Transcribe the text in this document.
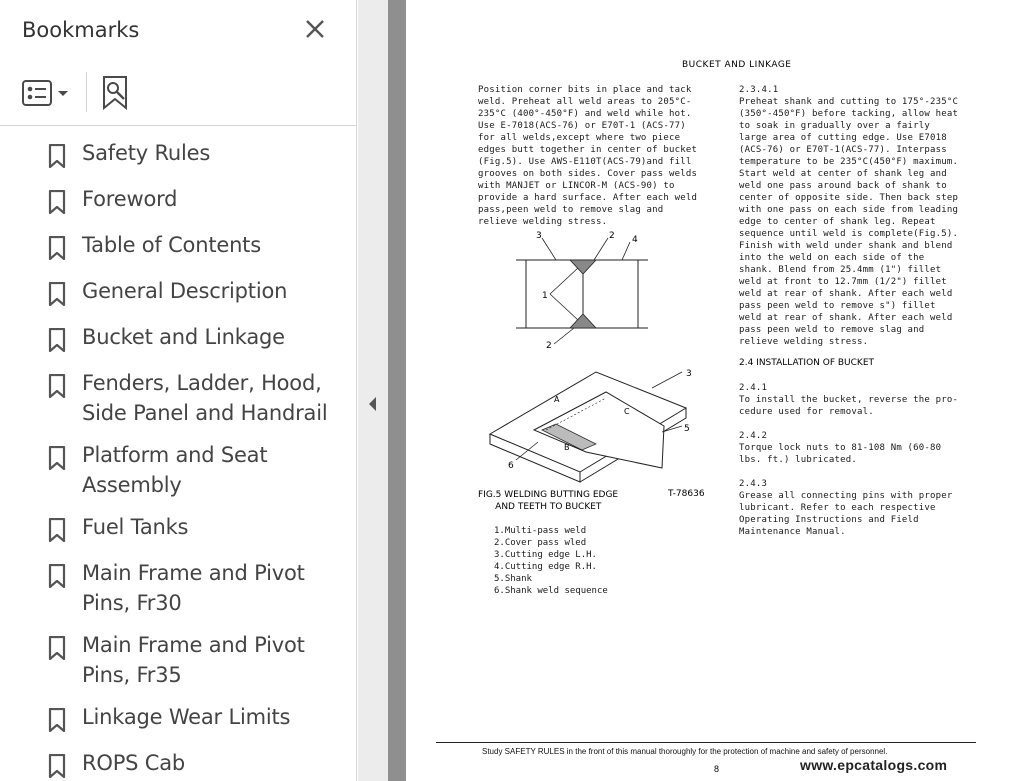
Bookmarks
Safety Rules
Foreword
Table of Contents
General Description
Bucket and Linkage
Fenders, Ladder, Hood, Side Panel and Handrail
Platform and Seat Assembly
Fuel Tanks
Main Frame and Pivot Pins, Fr30
Main Frame and Pivot Pins, Fr35
Linkage Wear Limits
ROPS Cab
BUCKET AND LINKAGE
Position corner bits in place and tack
weld. Preheat all weld areas to 205°C-
235°C (400°-450°F) and weld while hot.
Use E-7018(ACS-76) or E70T-1 (ACS-77)
for all welds,except where two piece
edges butt together in center of bucket
(Fig.5). Use AWS-E110T(ACS-79)and fill
grooves on both sides. Cover pass welds
with MANJET or LINCOR-M (ACS-90) to
provide a hard surface. After each weld
pass,peen weld to remove slag and
relieve welding stress.
3	2 4
1
2
3
5
6
A
B
C
FIG.5 WELDING BUTTING EDGE
AND TEETH TO BUCKET
T-78636
1.Multi-pass weld
2.Cover pass wled
3.Cutting edge L.H.
4.Cutting edge R.H.
5.Shank
6.Shank weld sequence
2.3.4.1
Preheat shank and cutting to 175°-235°C
(350°-450°F) before tacking, allow heat
to soak in gradually over a fairly
large area of cutting edge. Use E7018
(ACS-76) or E70T-1(ACS-77). Interpass
temperature to be 235°C(450°F) maximum.
Start weld at center of shank leg and
weld one pass around back of shank to
center of opposite side. Then back step
with one pass on each side from leading
edge to center of shank leg. Repeat
sequence until weld is complete(Fig.5).
Finish with weld under shank and blend
into the weld on each side of the
shank. Blend from 25.4mm (1") fillet
weld at front to 12.7mm (1/2") fillet
weld at rear of shank. After each weld
pass peen weld to remove s") fillet
weld at rear of shank. After each weld
pass peen weld to remove slag and
relieve welding stress.
2.4 INSTALLATION OF BUCKET
2.4.1
To install the bucket, reverse the pro-
cedure used for removal.
2.4.2
Torque lock nuts to 81-108 Nm (60-80
lbs. ft.) lubricated.
2.4.3
Grease all connecting pins with proper
lubricant. Refer to each respective
Operating Instructions and Field
Maintenance Manual.
Study SAFETY RULES in the front of this manual thoroughly for the protection of machine and safety of personnel.
8	www.epcatalogs.com
